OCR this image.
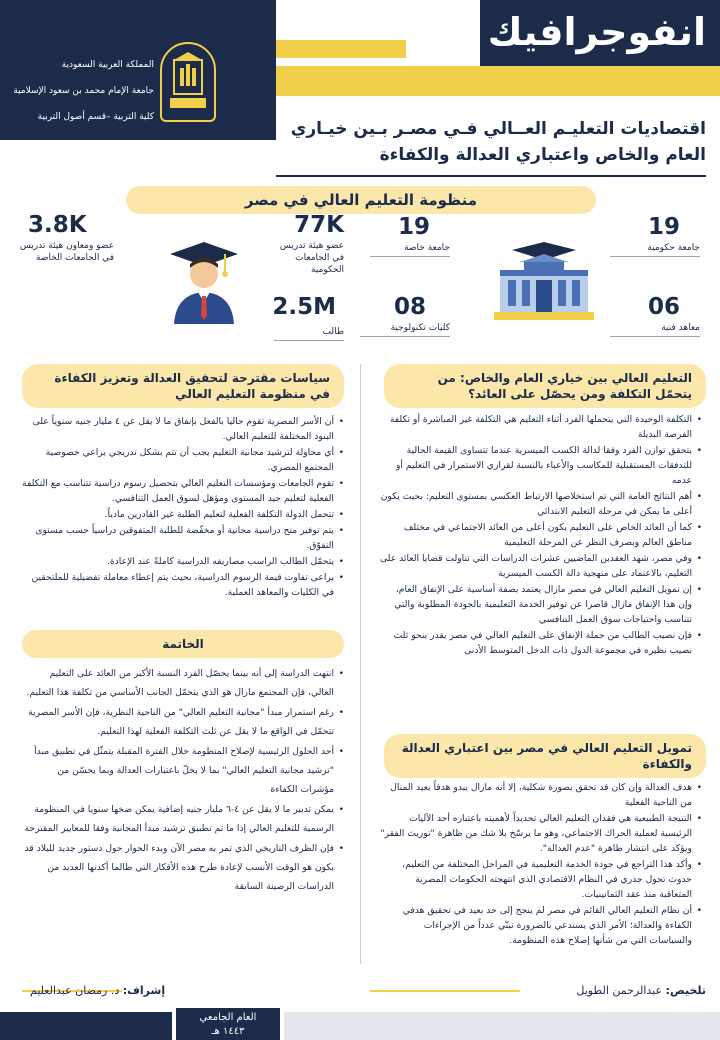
انفوجرافيك
المملكة العربية السعودية
جامعة الإمام محمد بن سعود الإسلامية
كلية التربية –قسم أصول التربية
اقتصاديات التعليـم العــالي فـي مصـر بـين خيـاري
العام والخاص واعتباري العدالة والكفاءة
منظومة التعليم العالي في مصر
19
جامعة حكومية
19
جامعة خاصة
06
معاهد فنية
08
كليات تكنولوجية
77K
عضو هيئة تدريس في الجامعات الحكومية
2.5M
طالب
3.8K
عضو ومعاون هيئة تدريس في الجامعات الخاصة
التعليم العالي بين خياري العام والخاص: من يتحمّل التكلفة ومن يحصّل على العائد؟
• التكلفة الوحيدة التي يتحملها الفرد أثناء التعليم هي التكلفة غير المباشرة أو تكلفة الفرصة البديلة
• يتحقق توازن الفرد وفقا لدالة الكسب الميسرية عندما تتساوى القيمة الحالية للتدفقات المستقبلية للمكاسب والأعباء بالنسبة لقراري الاستمرار في التعليم أو عدمه
• أهم النتائج العامة التي تم استخلاصها الارتباط العكسي بمستوى التعليم: بحيث يكون أعلى ما يمكن في مرحلة التعليم الابتدائي
• كما أن العائد الخاص على التعليم يكون أعلى من العائد الاجتماعي في مختلف مناطق العالم وبصرف النظر عن المرحلة التعليمية
• وفي مصر، شهد العقدين الماضيين عشرات الدراسات التي تناولت قضايا العائد على التعليم، بالاعتماد على منهجية دالة الكسب الميسرية
• إن تمويل التعليم العالي في مصر مازال يعتمد بصفة أساسية على الإنفاق العام، وإن هذا الإنفاق مازال قاصرا عن توفير الخدمة التعليمية بالجودة المطلوبة والتي تتناسب واحتياجات سوق العمل التنافسي
• فإن نصيب الطالب من جملة الإنفاق على التعليم العالي في مصر يقدر بنحو ثلث نصيب نظيره في مجموعة الدول ذات الدخل المتوسط الأدنى
تمويل التعليم العالي في مصر بين اعتباري العدالة والكفاءة
• هدف العدالة وإن كان قد تحقق بصورة شكلية، إلا أنه مازال يبدو هدفاً بعيد المنال من الناحية الفعلية
• النتيجة الطبيعية هي فقدان التعليم العالي تحديداً لأهميته باعتباره أحد الآليات الرئيسية لعملية الحراك الاجتماعي، وهو ما يرسّخ بلا شك من ظاهرة "توريث الفقر" ويؤكد على انتشار ظاهرة "عدم العدالة".
• وأكد هذا التراجع في جودة الخدمة التعليمية في المراحل المختلفة من التعليم، حدوث تحول جذري في النظام الاقتصادي الذي انتهجته الحكومات المصرية المتعاقبة منذ عقد الثمانينيات.
• أن نظام التعليم العالي القائم في مصر لم ينجح إلى حد بعيد في تحقيق هدفي الكفاءة والعدالة؛ الأمر الذي يستدعي بالضرورة تبنّي عدداً من الإجراءات والسياسات التي من شأنها إصلاح هذه المنظومة.
سياسات مقترحة لتحقيق العدالة وتعزيز الكفاءة في منظومة التعليم العالي
• أن الأسر المصرية تقوم حاليا بالفعل بإنفاق ما لا يقل عن ٤ مليار جنيه سنوياً على البنود المختلفة للتعليم العالي.
• أي محاولة لترشيد مجانية التعليم يجب أن تتم بشكل تدريجي يراعي خصوصية المجتمع المصري.
• تقوم الجامعات ومؤسسات التعليم العالي بتحصيل رسوم دراسية تتناسب مع التكلفة الفعلية لتعليم جيد المستوى ومؤهل لسوق العمل التنافسي.
• تتحمل الدولة التكلفة الفعلية لتعليم الطلبة غير القادرين مادياً.
• يتم توفير منح دراسية مجانية أو مخفّضة للطلبة المتفوقين دراسياً حسب مستوى التفوّق.
• يتحمّل الطالب الراسب مصاريفه الدراسية كاملةً عند الإعادة.
• يراعى تفاوت قيمة الرسوم الدراسية، بحيث يتم إعطاء معاملة تفضيلية للملتحقين في الكليات والمعاهد العملية.
الخاتمة
• انتهت الدراسة إلى أنه بينما يحصّل الفرد النسبة الأكبر من العائد على التعليم العالي، فإن المجتمع مازال هو الذي يتحمّل الجانب الأساسي من تكلفة هذا التعليم.
• رغم استمرار مبدأ "مجانية التعليم العالي" من الناحية النظرية، فإن الأسر المصرية تتحمّل في الواقع ما لا يقل عن ثلث التكلفة الفعلية لهذا التعليم.
• أحد الحلول الرئيسية لإصلاح المنظومة خلال الفترة المقبلة يتمثّل في تطبيق مبدأ "ترشيد مجانية التعليم العالي" بما لا يخلّ باعتبارات العدالة وبما يحسّن من مؤشرات الكفاءة
• يمكن تدبير ما لا يقل عن ٤-٦ مليار جنيه إضافية يمكن ضخها سنويا في المنظومة الرسمية للتعليم العالي إذا ما تم تطبيق ترشيد مبدأ المجانية وفقا للمعايير المقترحة
• فإن الظرف التاريخي الذي تمر به مصر الآن وبدء الحوار حول دستور جديد للبلاد قد يكون هو الوقت الأنسب لإعادة طرح هذه الأفكار التي طالما أكدتها العديد من الدراسات الرصينة السابقة
تلخيص: عبدالرحمن الطويل
إشراف: د. رمضان عبدالعليم
العام الجامعي
١٤٤٣ هـ
